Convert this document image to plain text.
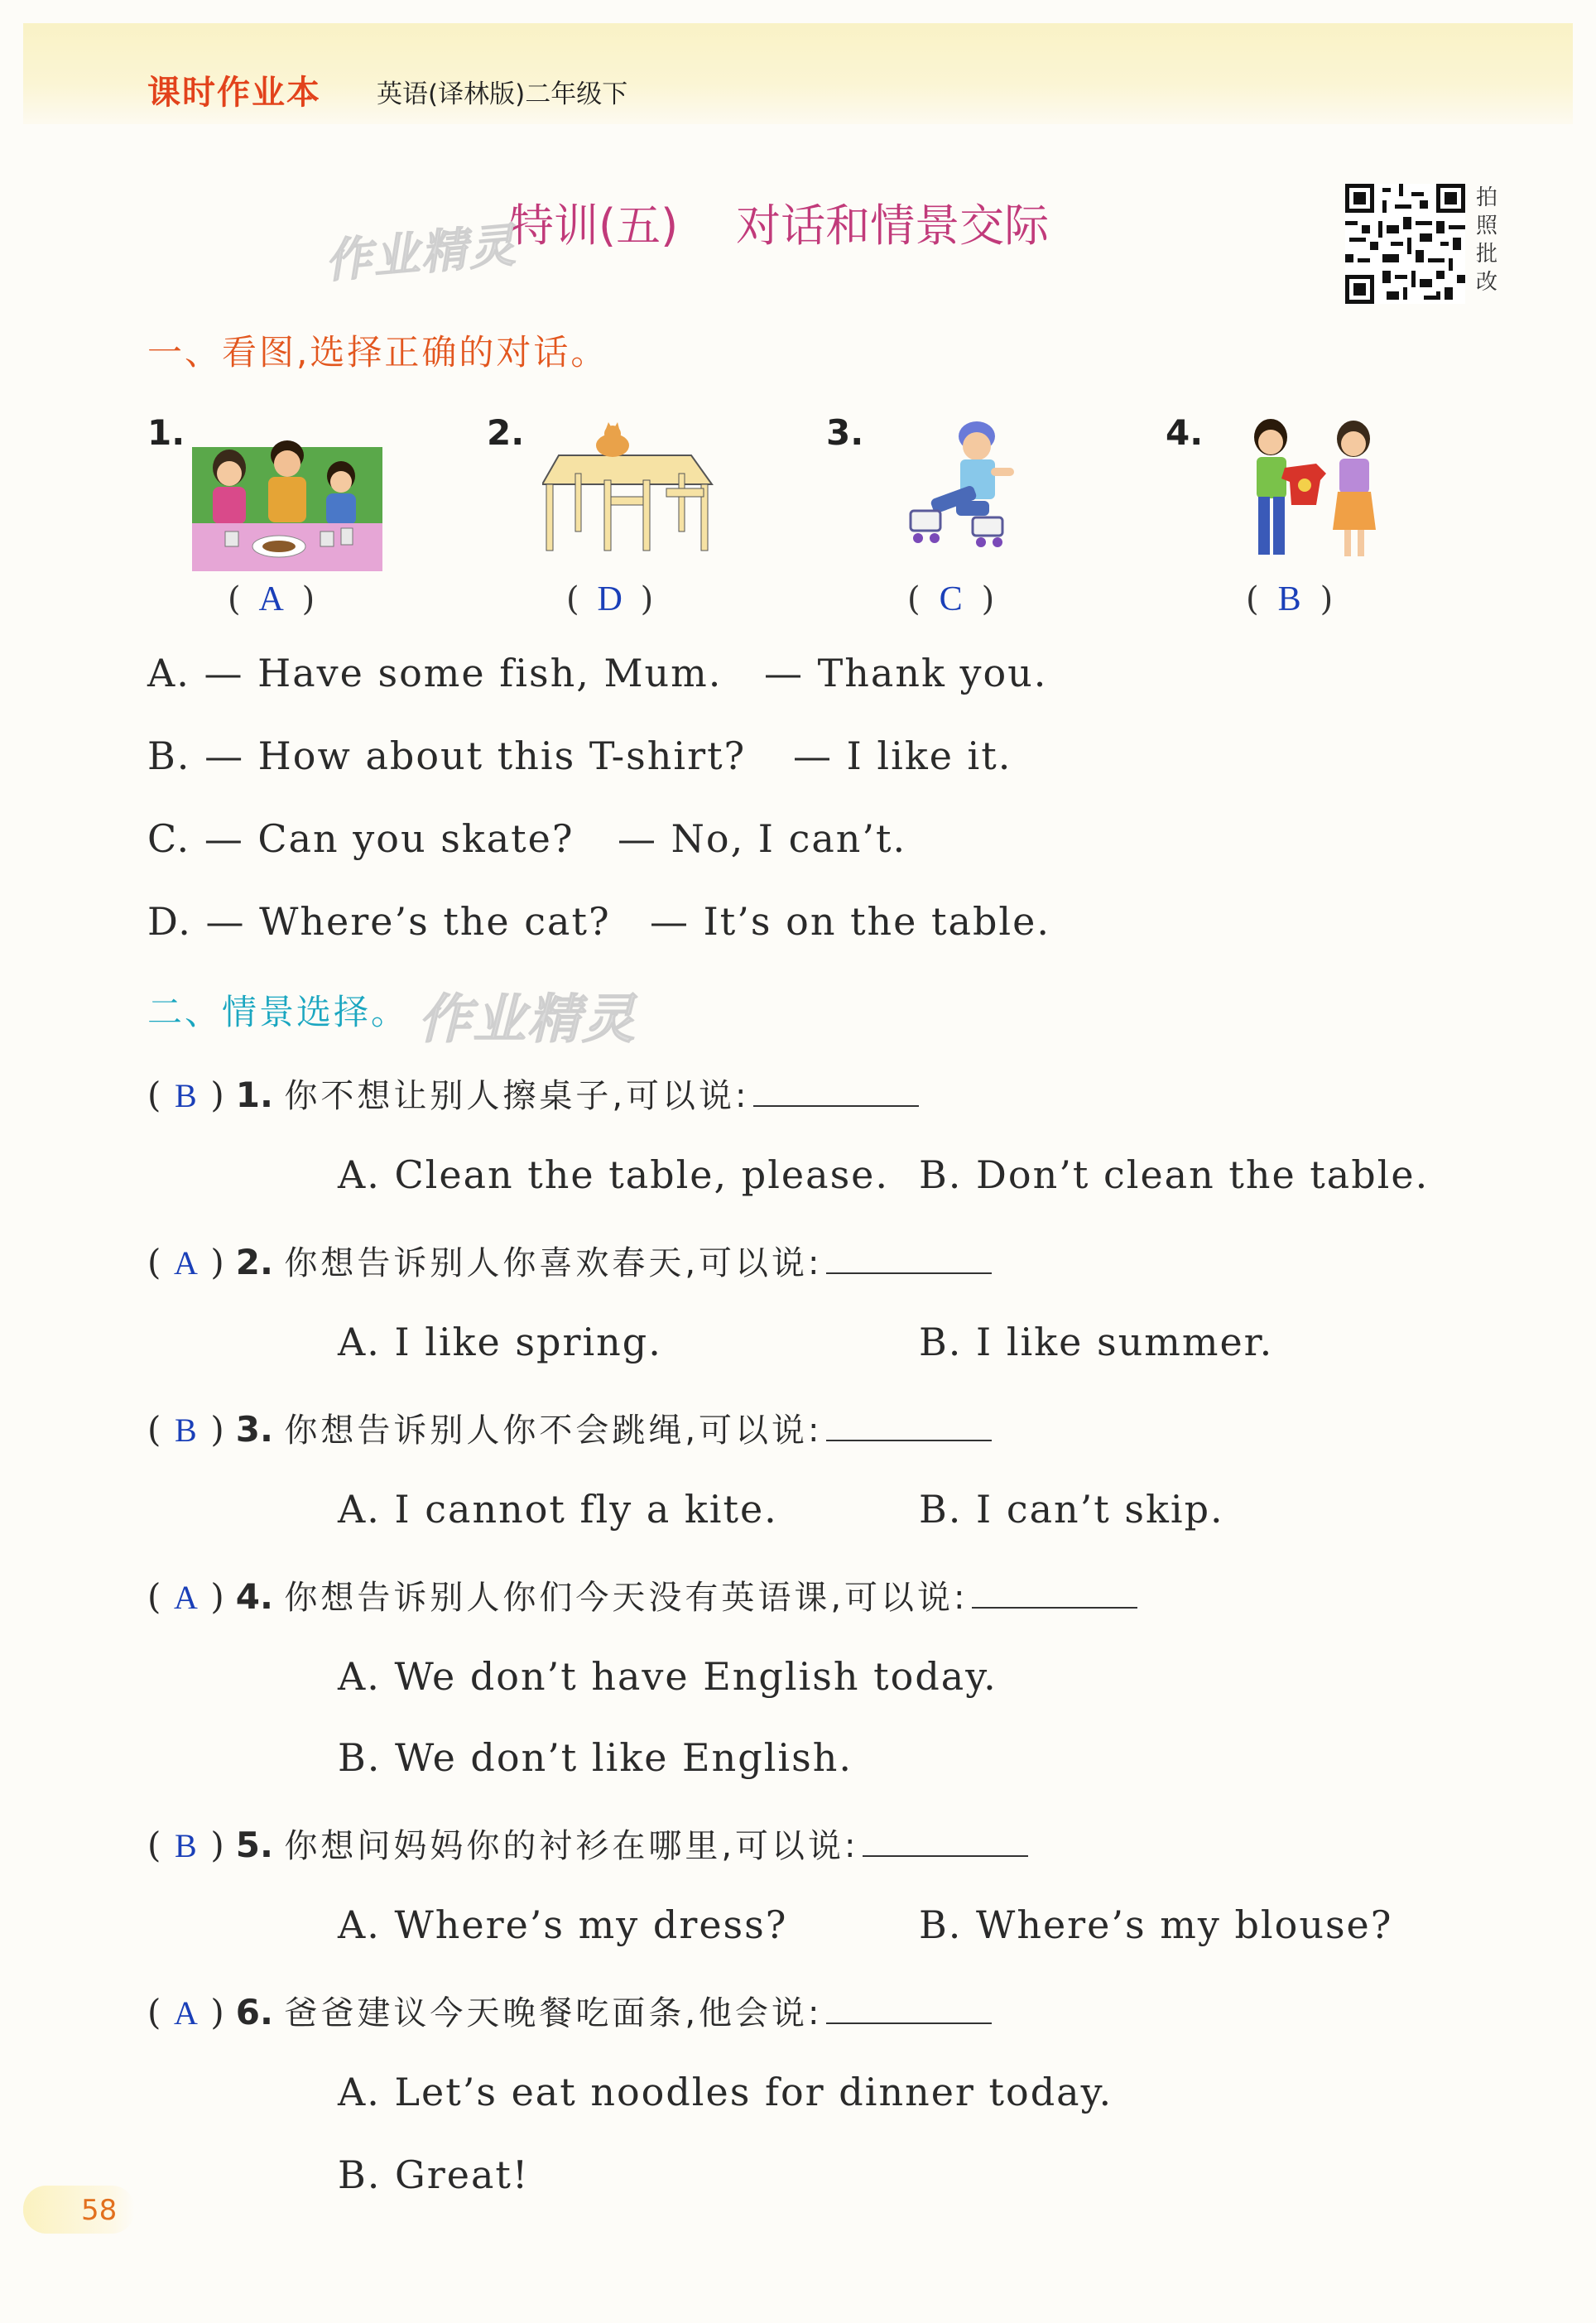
课时作业本 英语(译林版)二年级下
特训(五) 对话和情景交际
作业精灵
作业精灵
拍
照
批
改
一、看图,选择正确的对话。
1.	2.	3.	4.
( A )	( D )	( C )	( B )
A. — Have some fish, Mum. — Thank you.
B. — How about this T-shirt? — I like it.
C. — Can you skate? — No, I can’t.
D. — Where’s the cat? — It’s on the table.
二、情景选择。
( B ) 1. 你不想让别人擦桌子,可以说:
A. Clean the table, please. B. Don’t clean the table.
( A ) 2. 你想告诉别人你喜欢春天,可以说:
A. I like spring.	B. I like summer.
( B ) 3. 你想告诉别人你不会跳绳,可以说:
A. I cannot fly a kite.	B. I can’t skip.
( A ) 4. 你想告诉别人你们今天没有英语课,可以说:
A. We don’t have English today.
B. We don’t like English.
( B ) 5. 你想问妈妈你的衬衫在哪里,可以说:
A. Where’s my dress?	B. Where’s my blouse?
( A ) 6. 爸爸建议今天晚餐吃面条,他会说:
A. Let’s eat noodles for dinner today.
B. Great!
58
